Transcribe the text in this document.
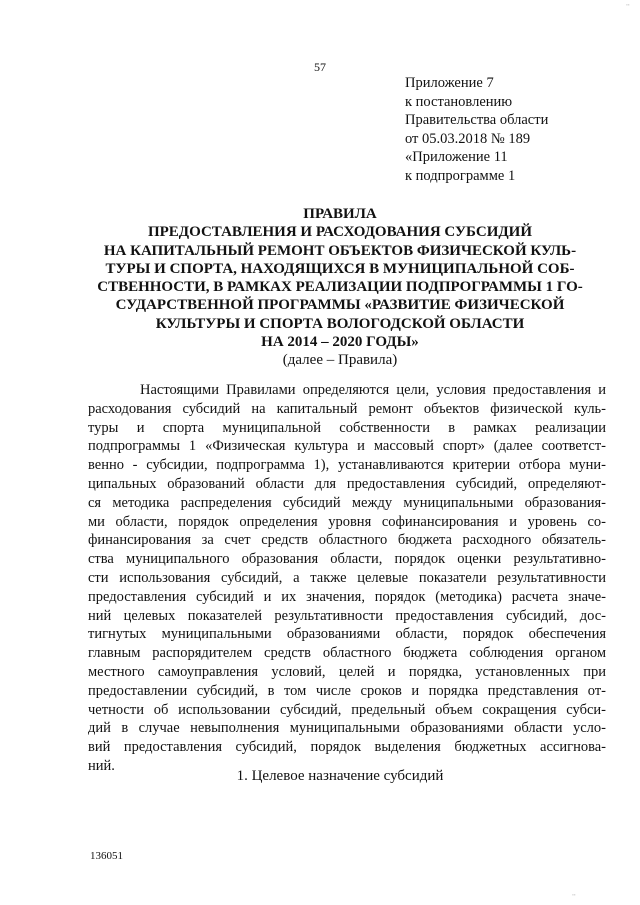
57
Приложение 7
к постановлению
Правительства области
от 05.03.2018 № 189
«Приложение 11
к подпрограмме 1
ПРАВИЛА
ПРЕДОСТАВЛЕНИЯ И РАСХОДОВАНИЯ СУБСИДИЙ
НА КАПИТАЛЬНЫЙ РЕМОНТ ОБЪЕКТОВ ФИЗИЧЕСКОЙ КУЛЬ-
ТУРЫ И СПОРТА, НАХОДЯЩИХСЯ В МУНИЦИПАЛЬНОЙ СОБ-
СТВЕННОСТИ, В РАМКАХ РЕАЛИЗАЦИИ ПОДПРОГРАММЫ 1 ГО-
СУДАРСТВЕННОЙ ПРОГРАММЫ «РАЗВИТИЕ ФИЗИЧЕСКОЙ
КУЛЬТУРЫ И СПОРТА ВОЛОГОДСКОЙ ОБЛАСТИ
НА 2014 – 2020 ГОДЫ»
(далее – Правила)
Настоящими Правилами определяются цели, условия предоставления и
расходования субсидий на капитальный ремонт объектов физической куль-
туры и спорта муниципальной собственности в рамках реализации
подпрограммы 1 «Физическая культура и массовый спорт» (далее соответст-
венно - субсидии, подпрограмма 1), устанавливаются критерии отбора муни-
ципальных образований области для предоставления субсидий, определяют-
ся методика распределения субсидий между муниципальными образования-
ми области, порядок определения уровня софинансирования и уровень со-
финансирования за счет средств областного бюджета расходного обязатель-
ства муниципального образования области, порядок оценки результативно-
сти использования субсидий, а также целевые показатели результативности
предоставления субсидий и их значения, порядок (методика) расчета значе-
ний целевых показателей результативности предоставления субсидий, дос-
тигнутых муниципальными образованиями области, порядок обеспечения
главным распорядителем средств областного бюджета соблюдения органом
местного самоуправления условий, целей и порядка, установленных при
предоставлении субсидий, в том числе сроков и порядка представления от-
четности об использовании субсидий, предельный объем сокращения субси-
дий в случае невыполнения муниципальными образованиями области усло-
вий предоставления субсидий, порядок выделения бюджетных ассигнова-
ний.
1. Целевое назначение субсидий
136051
‧‧
‧‧
